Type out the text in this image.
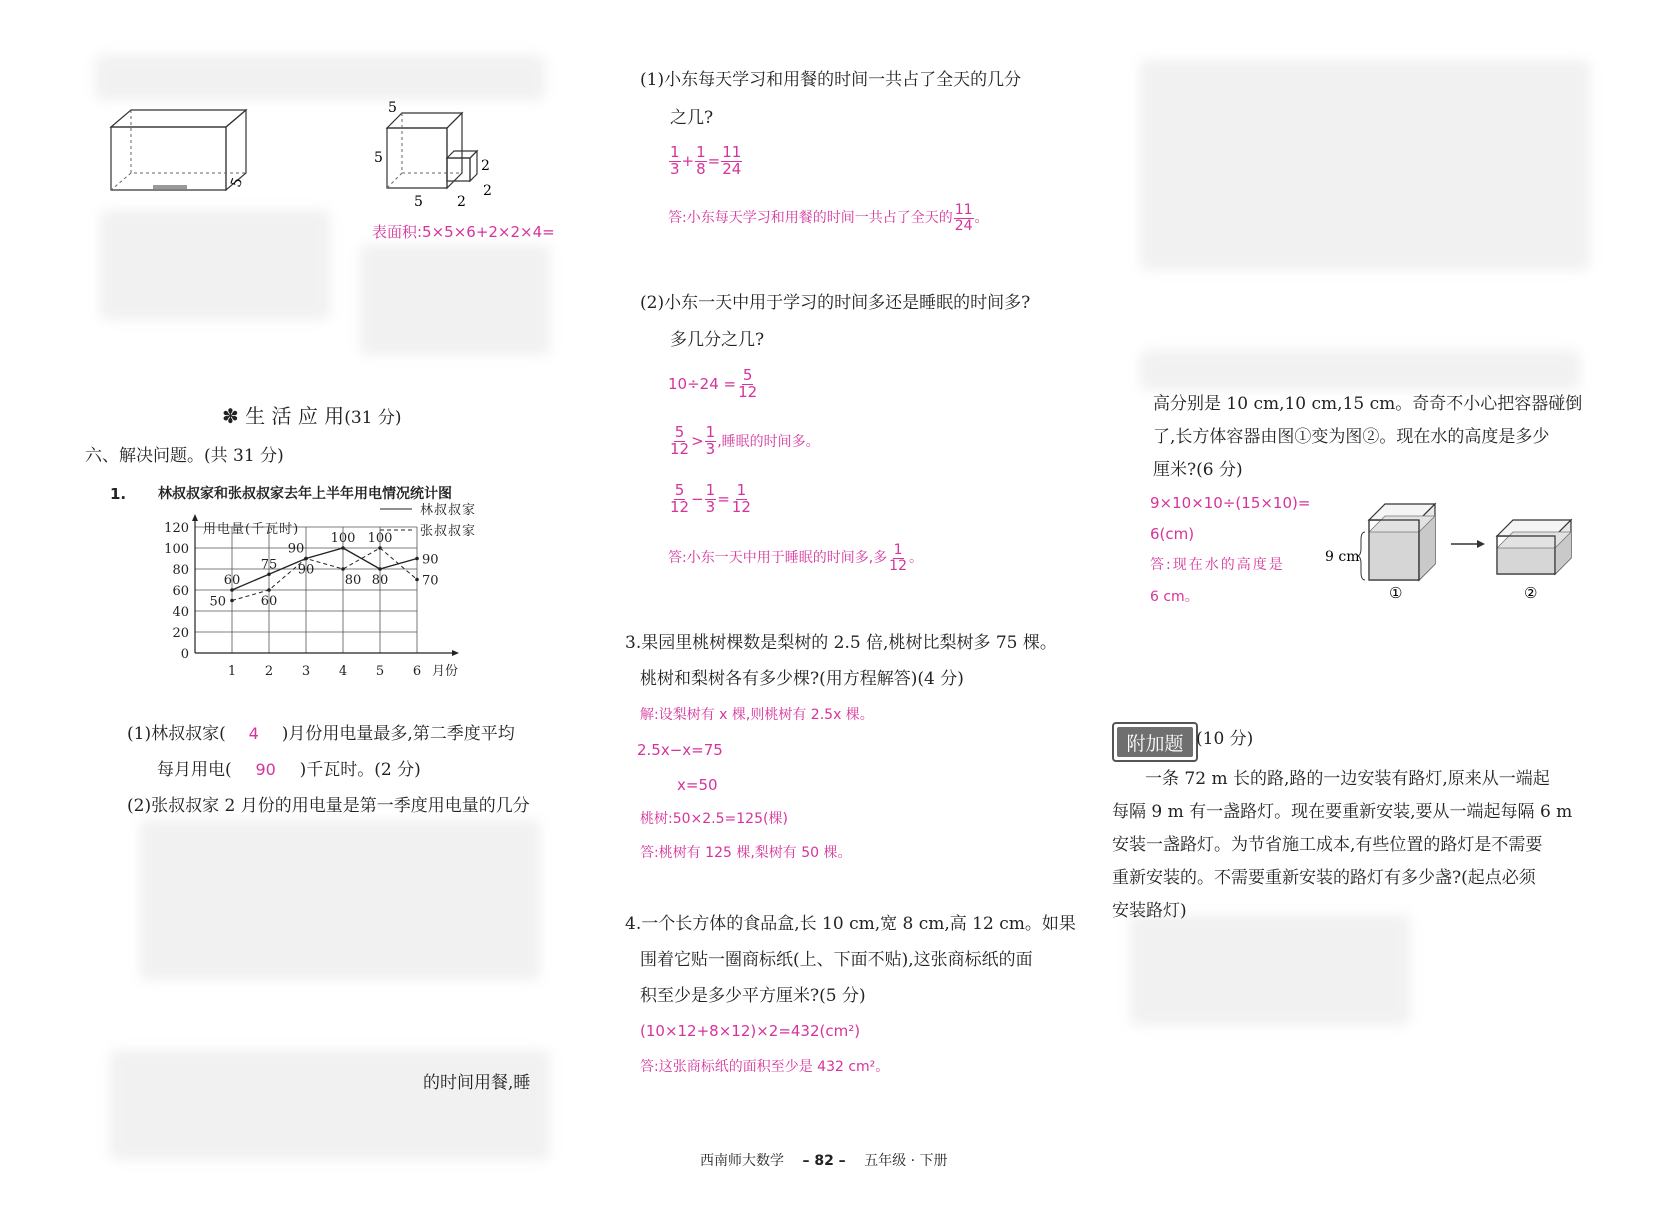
5
5
5
5 2
2
2
表面积:5×5×6+2×2×4=
✽ 生 活 应 用(31 分)
六、解决问题。(共 31 分)
1. 林叔叔家和张叔叔家去年上半年用电情况统计图
月份
用电量(千瓦时)
0
20
40
60
80
100
120
1 2 3 4 5 6
60
75
90
100
80
90
50	60
90
80
100
70
林叔叔家
张叔叔家
(1)林叔叔家( 4 )月份用电量最多,第二季度平均
每月用电( 90 )千瓦时。(2 分)
(2)张叔叔家 2 月份的用电量是第一季度用电量的几分
的时间用餐,睡
(1)小东每天学习和用餐的时间一共占了全天的几分
之几?
$\frac{1}{3} + \frac{1}{8} = \frac{11}{24}$
答:小东每天学习和用餐的时间一共占了全天的 $\frac{11}{24}$ 。
(2)小东一天中用于学习的时间多还是睡眠的时间多?
多几分之几?
$10\div 24 = \frac{5}{12}$
$\frac{5}{12} > \frac{1}{3}$ ,睡眠的时间多。
$\frac{5}{12} - \frac{1}{3} = \frac{1}{12}$
答:小东一天中用于睡眠的时间多,多 $\frac{1}{12}$ 。
3.果园里桃树棵数是梨树的 2.5 倍,桃树比梨树多 75 棵。
桃树和梨树各有多少棵?(用方程解答)(4 分)
解:设梨树有 x 棵,则桃树有 2.5x 棵。
2.5x−x=75
x=50
桃树:50×2.5=125(棵)
答:桃树有 125 棵,梨树有 50 棵。
4.一个长方体的食品盒,长 10 cm,宽 8 cm,高 12 cm。如果
围着它贴一圈商标纸(上、下面不贴),这张商标纸的面
积至少是多少平方厘米?(5 分)
(10×12+8×12)×2=432(cm²)
答:这张商标纸的面积至少是 432 cm²。
高分别是 10 cm,10 cm,15 cm。奇奇不小心把容器碰倒
了,长方体容器由图①变为图②。现在水的高度是多少
厘米?(6 分)
9×10×10÷(15×10)=
6(cm)
答:现在水的高度是
6 cm。
9 cm
①
→
②
附加题 (10 分)
一条 72 m 长的路,路的一边安装有路灯,原来从一端起
每隔 9 m 有一盏路灯。现在要重新安装,要从一端起每隔 6 m
安装一盏路灯。为节省施工成本,有些位置的路灯是不需要
重新安装的。不需要重新安装的路灯有多少盏?(起点必须
安装路灯)
西南师大数学 – 82 – 五年级 · 下册
